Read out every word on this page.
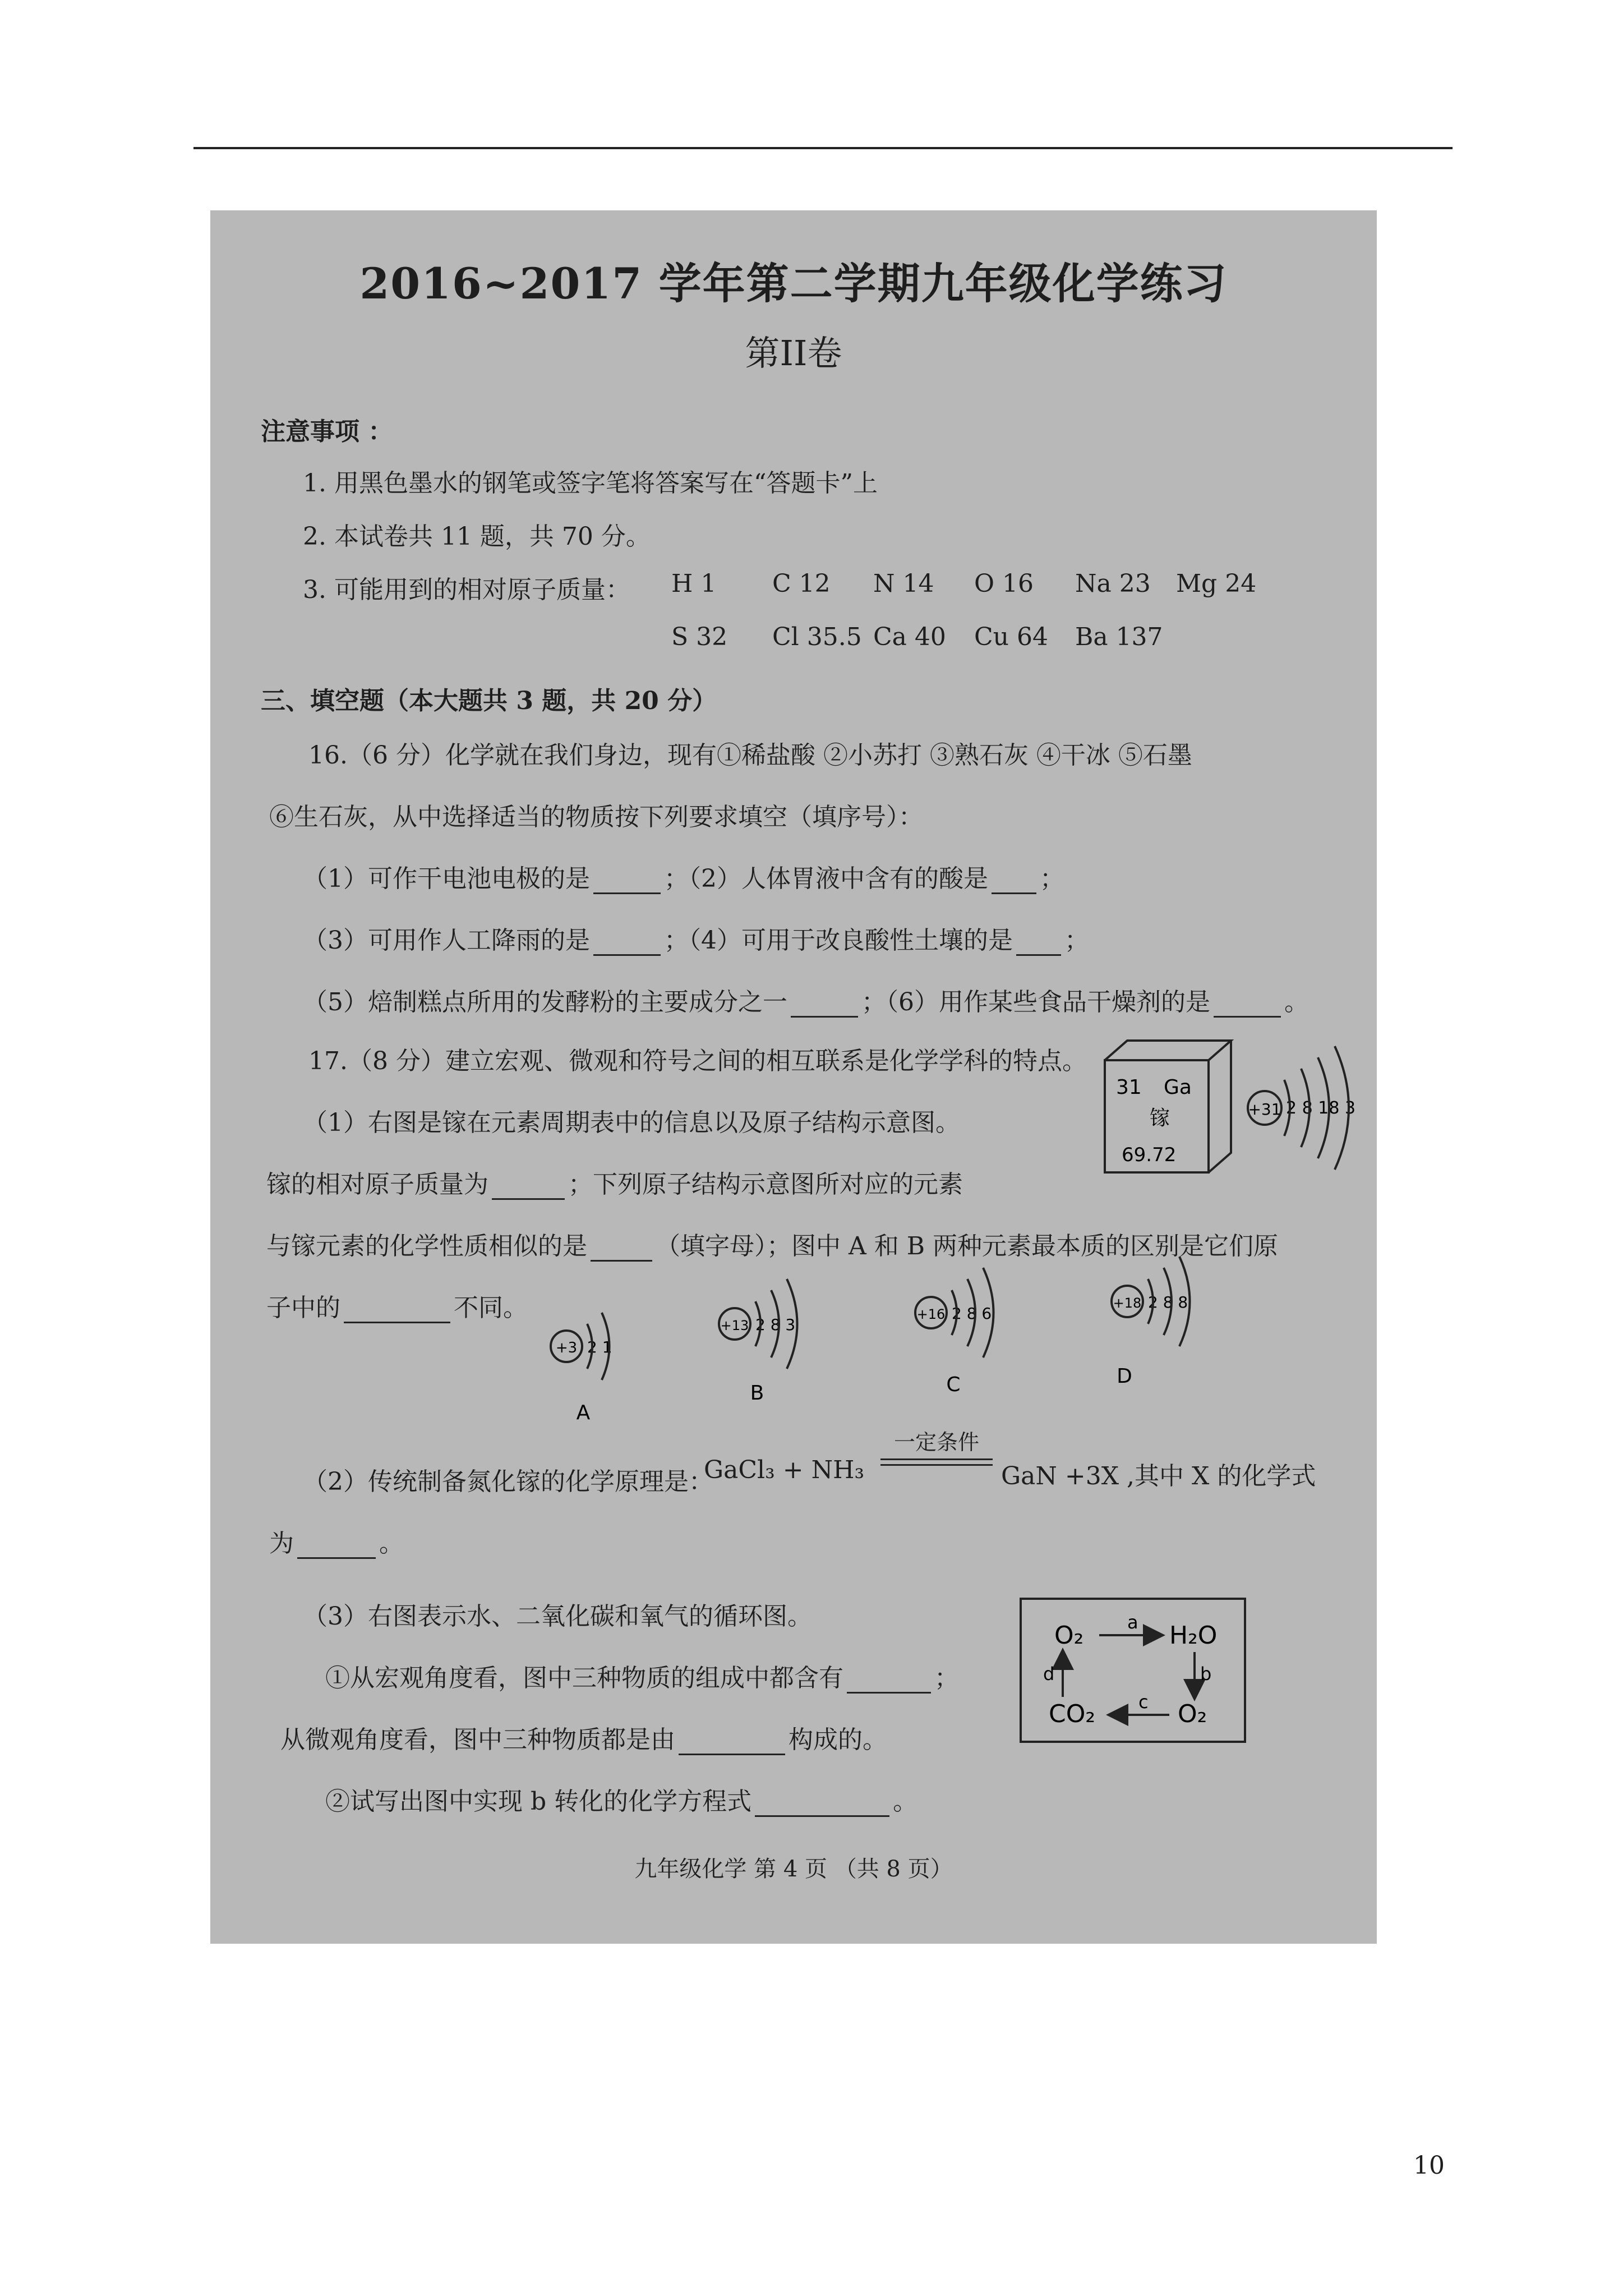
2016~2017 学年第二学期九年级化学练习
第II卷
注意事项 ：
1. 用黑色墨水的钢笔或签字笔将答案写在“答题卡”上
2. 本试卷共 11 题，共 70 分。
3. 可能用到的相对原子质量： H 1 C 12 N 14 O 16 Na 23 Mg 24
S 32 Cl 35.5 Ca 40 Cu 64 Ba 137
三、填空题（本大题共 3 题，共 20 分）
16.（6 分）化学就在我们身边，现有①稀盐酸 ②小苏打 ③熟石灰 ④干冰 ⑤石墨
⑥生石灰，从中选择适当的物质按下列要求填空（填序号）：
（1）可作干电池电极的是	；（2）人体胃液中含有的酸是 ；
（3）可用作人工降雨的是	；（4）可用于改良酸性土壤的是 ；
（5）焙制糕点所用的发酵粉的主要成分之一	；（6）用作某些食品干燥剂的是	。
17.（8 分）建立宏观、微观和符号之间的相互联系是化学学科的特点。
（1）右图是镓在元素周期表中的信息以及原子结构示意图。
镓的相对原子质量为	；下列原子结构示意图所对应的元素
与镓元素的化学性质相似的是	（填字母）；图中 A 和 B 两种元素最本质的区别是它们原
子中的	不同。
31 Ga
镓
69.72
+31 2 8 18 3
+3 2 1
A
+13 2 8 3
B
+16 2 8 6
C
+18 2 8 8
D
（2）传统制备氮化镓的化学原理是：
GaCl₃ + NH₃
一定条件
GaN +3X ,其中 X 的化学式
为	。
（3）右图表示水、二氧化碳和氧气的循环图。
①从宏观角度看，图中三种物质的组成中都含有	；
从微观角度看，图中三种物质都是由	构成的。
②试写出图中实现 b 转化的化学方程式	。
O₂	H₂O
CO₂	O₂
a
b
c
d
九年级化学 第 4 页 （共 8 页）
10
